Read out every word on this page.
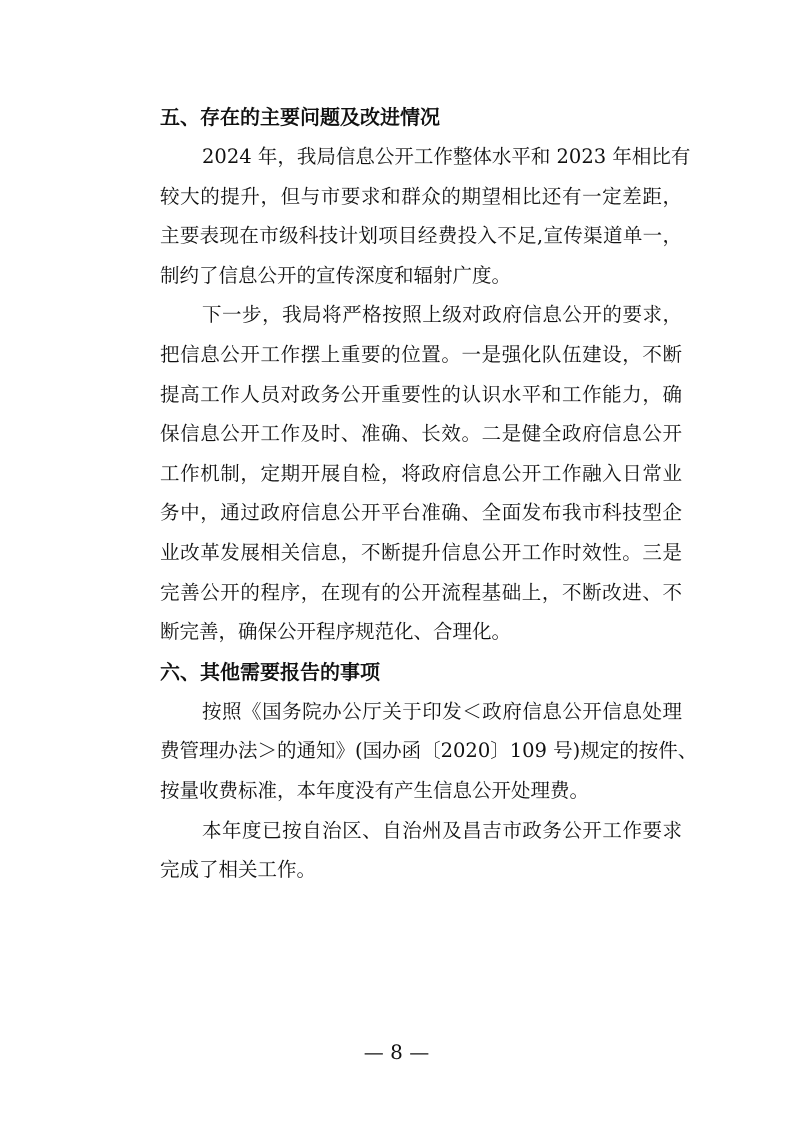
五、存在的主要问题及改进情况
2024 年，我局信息公开工作整体水平和 2023 年相比有
较大的提升，但与市要求和群众的期望相比还有一定差距，
主要表现在市级科技计划项目经费投入不足,宣传渠道单一，
制约了信息公开的宣传深度和辐射广度。
下一步，我局将严格按照上级对政府信息公开的要求，
把信息公开工作摆上重要的位置。一是强化队伍建设，不断
提高工作人员对政务公开重要性的认识水平和工作能力，确
保信息公开工作及时、准确、长效。二是健全政府信息公开
工作机制，定期开展自检，将政府信息公开工作融入日常业
务中，通过政府信息公开平台准确、全面发布我市科技型企
业改革发展相关信息，不断提升信息公开工作时效性。三是
完善公开的程序，在现有的公开流程基础上，不断改进、不
断完善，确保公开程序规范化、合理化。
六、其他需要报告的事项
按照《国务院办公厅关于印发＜政府信息公开信息处理
费管理办法＞的通知》(国办函〔2020〕109 号)规定的按件、
按量收费标准，本年度没有产生信息公开处理费。
本年度已按自治区、自治州及昌吉市政务公开工作要求
完成了相关工作。
— 8 —
